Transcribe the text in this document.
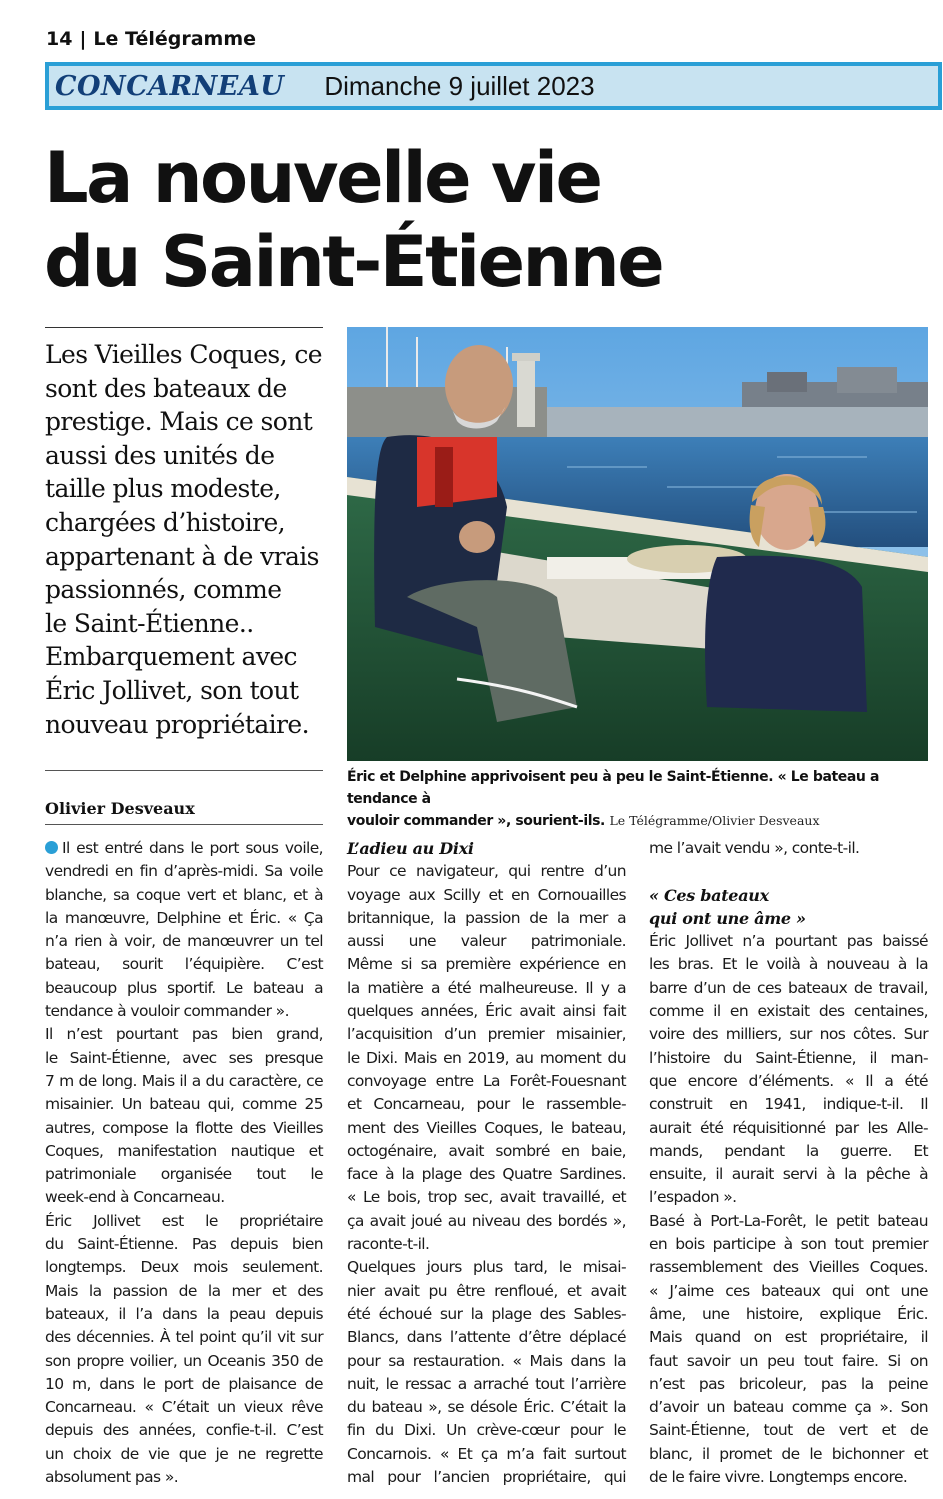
14 | Le Télégramme
CONCARNEAU Dimanche 9 juillet 2023
La nouvelle vie
du Saint-Étienne
Les Vieilles Coques, ce
sont des bateaux de
prestige. Mais ce sont
aussi des unités de
taille plus modeste,
chargées d’histoire,
appartenant à de vrais
passionnés, comme
le Saint-Étienne..
Embarquement avec
Éric Jollivet, son tout
nouveau propriétaire.
Olivier Desveaux
Éric et Delphine apprivoisent peu à peu le Saint-Étienne. « Le bateau a tendance à
vouloir commander », sourient-ils. Le Télégramme/Olivier Desveaux
Il est entré dans le port sous voile,
vendredi en fin d’après-midi. Sa voile
blanche, sa coque vert et blanc, et à
la manœuvre, Delphine et Éric. « Ça
n’a rien à voir, de manœuvrer un tel
bateau, sourit l’équipière. C’est
beaucoup plus sportif. Le bateau a
tendance à vouloir commander ».
Il n’est pourtant pas bien grand,
le Saint-Étienne, avec ses presque
7 m de long. Mais il a du caractère, ce
misainier. Un bateau qui, comme 25
autres, compose la flotte des Vieilles
Coques, manifestation nautique et
patrimoniale organisée tout le
week-end à Concarneau.
Éric Jollivet est le propriétaire
du Saint-Étienne. Pas depuis bien
longtemps. Deux mois seulement.
Mais la passion de la mer et des
bateaux, il l’a dans la peau depuis
des décennies. À tel point qu’il vit sur
son propre voilier, un Oceanis 350 de
10 m, dans le port de plaisance de
Concarneau. « C’était un vieux rêve
depuis des années, confie-t-il. C’est
un choix de vie que je ne regrette
absolument pas ».
L’adieu au Dixi
Pour ce navigateur, qui rentre d’un
voyage aux Scilly et en Cornouailles
britannique, la passion de la mer a
aussi une valeur patrimoniale.
Même si sa première expérience en
la matière a été malheureuse. Il y a
quelques années, Éric avait ainsi fait
l’acquisition d’un premier misainier,
le Dixi. Mais en 2019, au moment du
convoyage entre La Forêt-Fouesnant
et Concarneau, pour le rassemble-
ment des Vieilles Coques, le bateau,
octogénaire, avait sombré en baie,
face à la plage des Quatre Sardines.
« Le bois, trop sec, avait travaillé, et
ça avait joué au niveau des bordés »,
raconte-t-il.
Quelques jours plus tard, le misai-
nier avait pu être renfloué, et avait
été échoué sur la plage des Sables-
Blancs, dans l’attente d’être déplacé
pour sa restauration. « Mais dans la
nuit, le ressac a arraché tout l’arrière
du bateau », se désole Éric. C’était la
fin du Dixi. Un crève-cœur pour le
Concarnois. « Et ça m’a fait surtout
mal pour l’ancien propriétaire, qui
me l’avait vendu », conte-t-il.
« Ces bateaux
qui ont une âme »
Éric Jollivet n’a pourtant pas baissé
les bras. Et le voilà à nouveau à la
barre d’un de ces bateaux de travail,
comme il en existait des centaines,
voire des milliers, sur nos côtes. Sur
l’histoire du Saint-Étienne, il man-
que encore d’éléments. « Il a été
construit en 1941, indique-t-il. Il
aurait été réquisitionné par les Alle-
mands, pendant la guerre. Et
ensuite, il aurait servi à la pêche à
l’espadon ».
Basé à Port-La-Forêt, le petit bateau
en bois participe à son tout premier
rassemblement des Vieilles Coques.
« J’aime ces bateaux qui ont une
âme, une histoire, explique Éric.
Mais quand on est propriétaire, il
faut savoir un peu tout faire. Si on
n’est pas bricoleur, pas la peine
d’avoir un bateau comme ça ». Son
Saint-Étienne, tout de vert et de
blanc, il promet de le bichonner et
de le faire vivre. Longtemps encore.
